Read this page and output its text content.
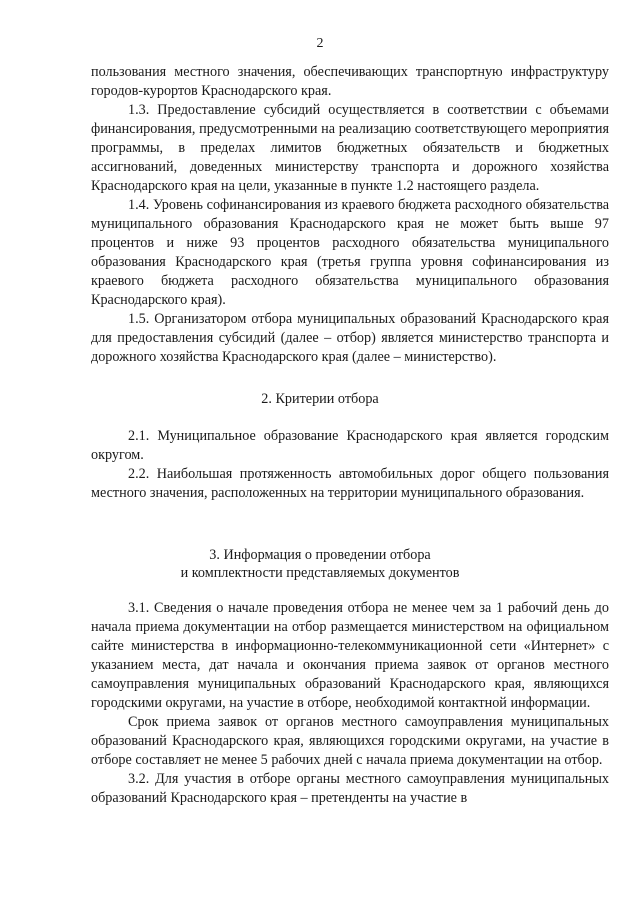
2

пользования местного значения, обеспечивающих транспортную инфраструктуру городов-курортов Краснодарского края.

1.3. Предоставление субсидий осуществляется в соответствии с объемами финансирования, предусмотренными на реализацию соответствующего мероприятия программы, в пределах лимитов бюджетных обязательств и бюджетных ассигнований, доведенных министерству транспорта и дорожного хозяйства Краснодарского края на цели, указанные в пункте 1.2 настоящего раздела.

1.4. Уровень софинансирования из краевого бюджета расходного обязательства муниципального образования Краснодарского края не может быть выше 97 процентов и ниже 93 процентов расходного обязательства муниципального образования Краснодарского края (третья группа уровня софинансирования из краевого бюджета расходного обязательства муниципального образования Краснодарского края).

1.5. Организатором отбора муниципальных образований Краснодарского края для предоставления субсидий (далее – отбор) является министерство транспорта и дорожного хозяйства Краснодарского края (далее – министерство).

2. Критерии отбора

2.1. Муниципальное образование Краснодарского края является городским округом.

2.2. Наибольшая протяженность автомобильных дорог общего пользования местного значения, расположенных на территории муниципального образования.

3. Информация о проведении отбора
и комплектности представляемых документов

3.1. Сведения о начале проведения отбора не менее чем за 1 рабочий день до начала приема документации на отбор размещается министерством на официальном сайте министерства в информационно-телекоммуникационной сети «Интернет» с указанием места, дат начала и окончания приема заявок от органов местного самоуправления муниципальных образований Краснодарского края, являющихся городскими округами, на участие в отборе, необходимой контактной информации.

Срок приема заявок от органов местного самоуправления муниципальных образований Краснодарского края, являющихся городскими округами, на участие в отборе составляет не менее 5 рабочих дней с начала приема документации на отбор.

3.2. Для участия в отборе органы местного самоуправления муниципальных образований Краснодарского края – претенденты на участие в
